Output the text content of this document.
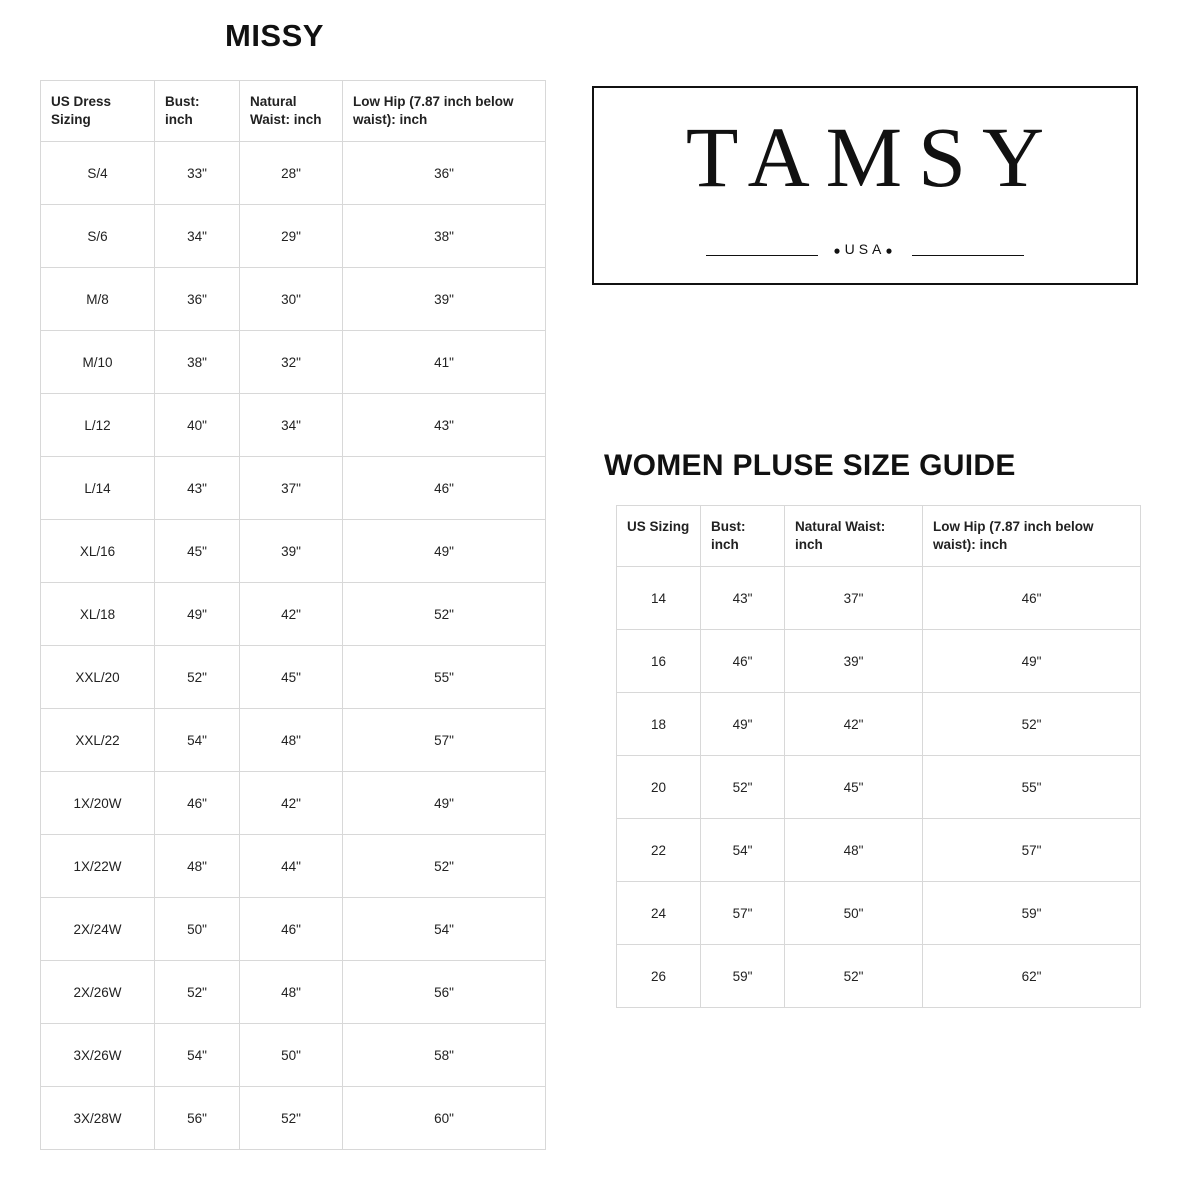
MISSY
US Dress Sizing	Bust: inch	Natural Waist: inch	Low Hip (7.87 inch below waist): inch
S/4	33"	28"	36"
S/6	34"	29"	38"
M/8	36"	30"	39"
M/10	38"	32"	41"
L/12	40"	34"	43"
L/14	43"	37"	46"
XL/16	45"	39"	49"
XL/18	49"	42"	52"
XXL/20	52"	45"	55"
XXL/22	54"	48"	57"
1X/20W	46"	42"	49"
1X/22W	48"	44"	52"
2X/24W	50"	46"	54"
2X/26W	52"	48"	56"
3X/26W	54"	50"	58"
3X/28W	56"	52"	60"
TAMSY
●USA●
WOMEN PLUSE SIZE GUIDE
US Sizing	Bust: inch	Natural Waist: inch	Low Hip (7.87 inch below waist): inch
14	43"	37"	46"
16	46"	39"	49"
18	49"	42"	52"
20	52"	45"	55"
22	54"	48"	57"
24	57"	50"	59"
26	59"	52"	62"
